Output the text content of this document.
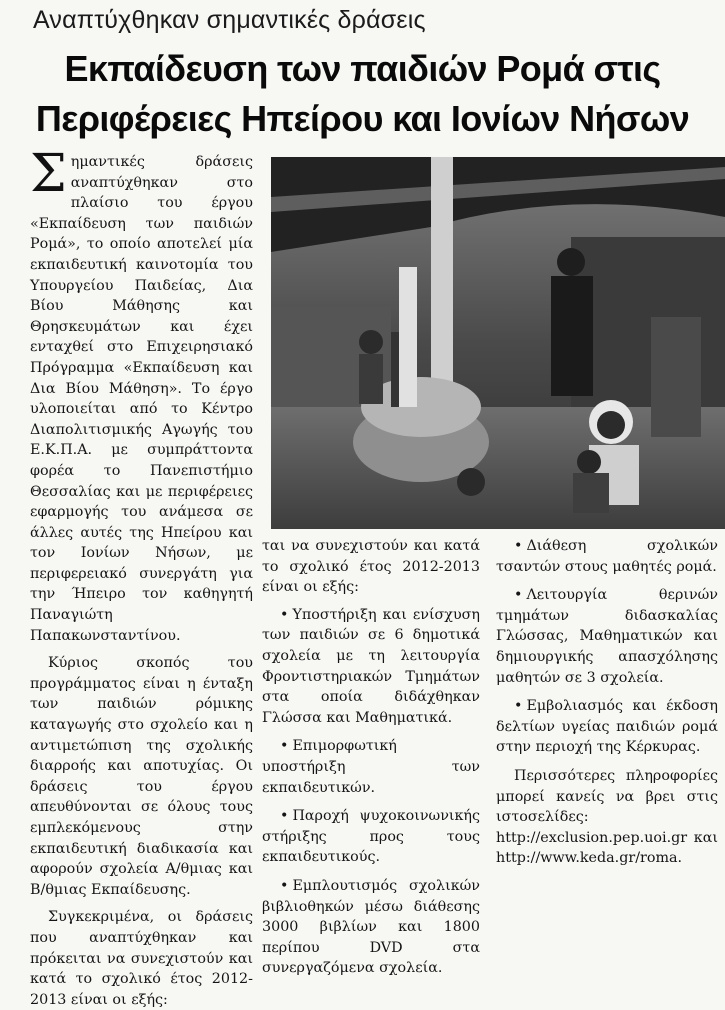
Αναπτύχθηκαν σημαντικές δράσεις
Εκπαίδευση των παιδιών Ρομά στις
Περιφέρειες Ηπείρου και Ιονίων Νήσων

Σημαντικές δράσεις αναπτύχθηκαν στο πλαίσιο του έργου «Εκπαίδευση των παιδιών Ρομά», το οποίο αποτελεί μία εκπαιδευτική καινοτομία του Υπουργείου Παιδείας, Δια Βίου Μάθησης και Θρησκευμάτων και έχει ενταχθεί στο Επιχειρησιακό Πρόγραμμα «Εκπαίδευση και Δια Βίου Μάθηση». Το έργο υλοποιείται από το Κέντρο Διαπολιτισμικής Αγωγής του Ε.Κ.Π.Α. με συμπράττοντα φορέα το Πανεπιστήμιο Θεσσαλίας και με περιφέρειες εφαρμογής του ανάμεσα σε άλλες αυτές της Ηπείρου και τον Ιονίων Νήσων, με περιφερειακό συνεργάτη για την Ήπειρο τον καθηγητή Παναγιώτη Παπακωνσταντίνου.

Κύριος σκοπός του προγράμματος είναι η ένταξη των παιδιών ρόμικης καταγωγής στο σχολείο και η αντιμετώπιση της σχολικής διαρροής και αποτυχίας. Οι δράσεις του έργου απευθύνονται σε όλους τους εμπλεκόμενους στην εκπαιδευτική διαδικασία και αφορούν σχολεία Α/θμιας και Β/θμιας Εκπαίδευσης.

Συγκεκριμένα, οι δράσεις που αναπτύχθηκαν και πρόκειται να συνεχιστούν και κατά το σχολικό έτος 2012-2013 είναι οι εξής:

ται να συνεχιστούν και κατά το σχολικό έτος 2012-2013 είναι οι εξής:

• Υποστήριξη και ενίσχυση των παιδιών σε 6 δημοτικά σχολεία με τη λειτουργία Φροντιστηριακών Τμημάτων στα οποία διδάχθηκαν Γλώσσα και Μαθηματικά.
• Επιμορφωτική υποστήριξη των εκπαιδευτικών.
• Παροχή ψυχοκοινωνικής στήριξης προς τους εκπαιδευτικούς.
• Εμπλουτισμός σχολικών βιβλιοθηκών μέσω διάθεσης 3000 βιβλίων και 1800 περίπου DVD στα συνεργαζόμενα σχολεία.
• Διάθεση σχολικών τσαντών στους μαθητές ρομά.
• Λειτουργία θερινών τμημάτων διδασκαλίας Γλώσσας, Μαθηματικών και δημιουργικής απασχόλησης μαθητών σε 3 σχολεία.
• Εμβολιασμός και έκδοση δελτίων υγείας παιδιών ρομά στην περιοχή της Κέρκυρας.

Περισσότερες πληροφορίες μπορεί κανείς να βρει στις ιστοσελίδες: http://exclusion.pep.uoi.gr και http://www.keda.gr/roma.
